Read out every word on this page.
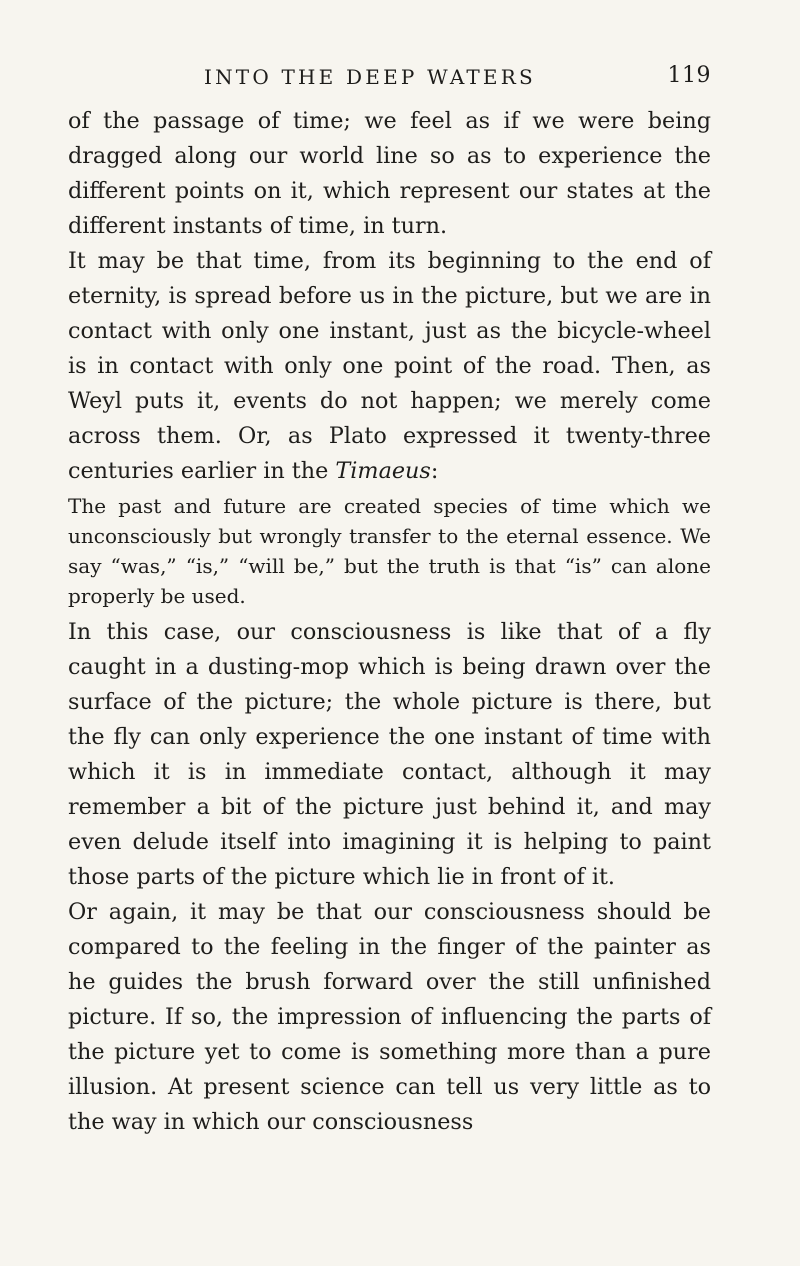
INTO THE DEEP WATERS	119

of the passage of time; we feel as if we were being dragged along our world line so as to experience the different points on it, which represent our states at the different instants of time, in turn.

It may be that time, from its beginning to the end of eternity, is spread before us in the picture, but we are in contact with only one instant, just as the bicycle-wheel is in contact with only one point of the road. Then, as Weyl puts it, events do not happen; we merely come across them. Or, as Plato expressed it twenty-three centuries earlier in the Timaeus:

The past and future are created species of time which we unconsciously but wrongly transfer to the eternal essence. We say “was,” “is,” “will be,” but the truth is that “is” can alone properly be used.

In this case, our consciousness is like that of a fly caught in a dusting-mop which is being drawn over the surface of the picture; the whole picture is there, but the fly can only experience the one instant of time with which it is in immediate contact, although it may remember a bit of the picture just behind it, and may even delude itself into imagining it is helping to paint those parts of the picture which lie in front of it.

Or again, it may be that our consciousness should be compared to the feeling in the finger of the painter as he guides the brush forward over the still unfinished picture. If so, the impression of influencing the parts of the picture yet to come is something more than a pure illusion. At present science can tell us very little as to the way in which our consciousness
